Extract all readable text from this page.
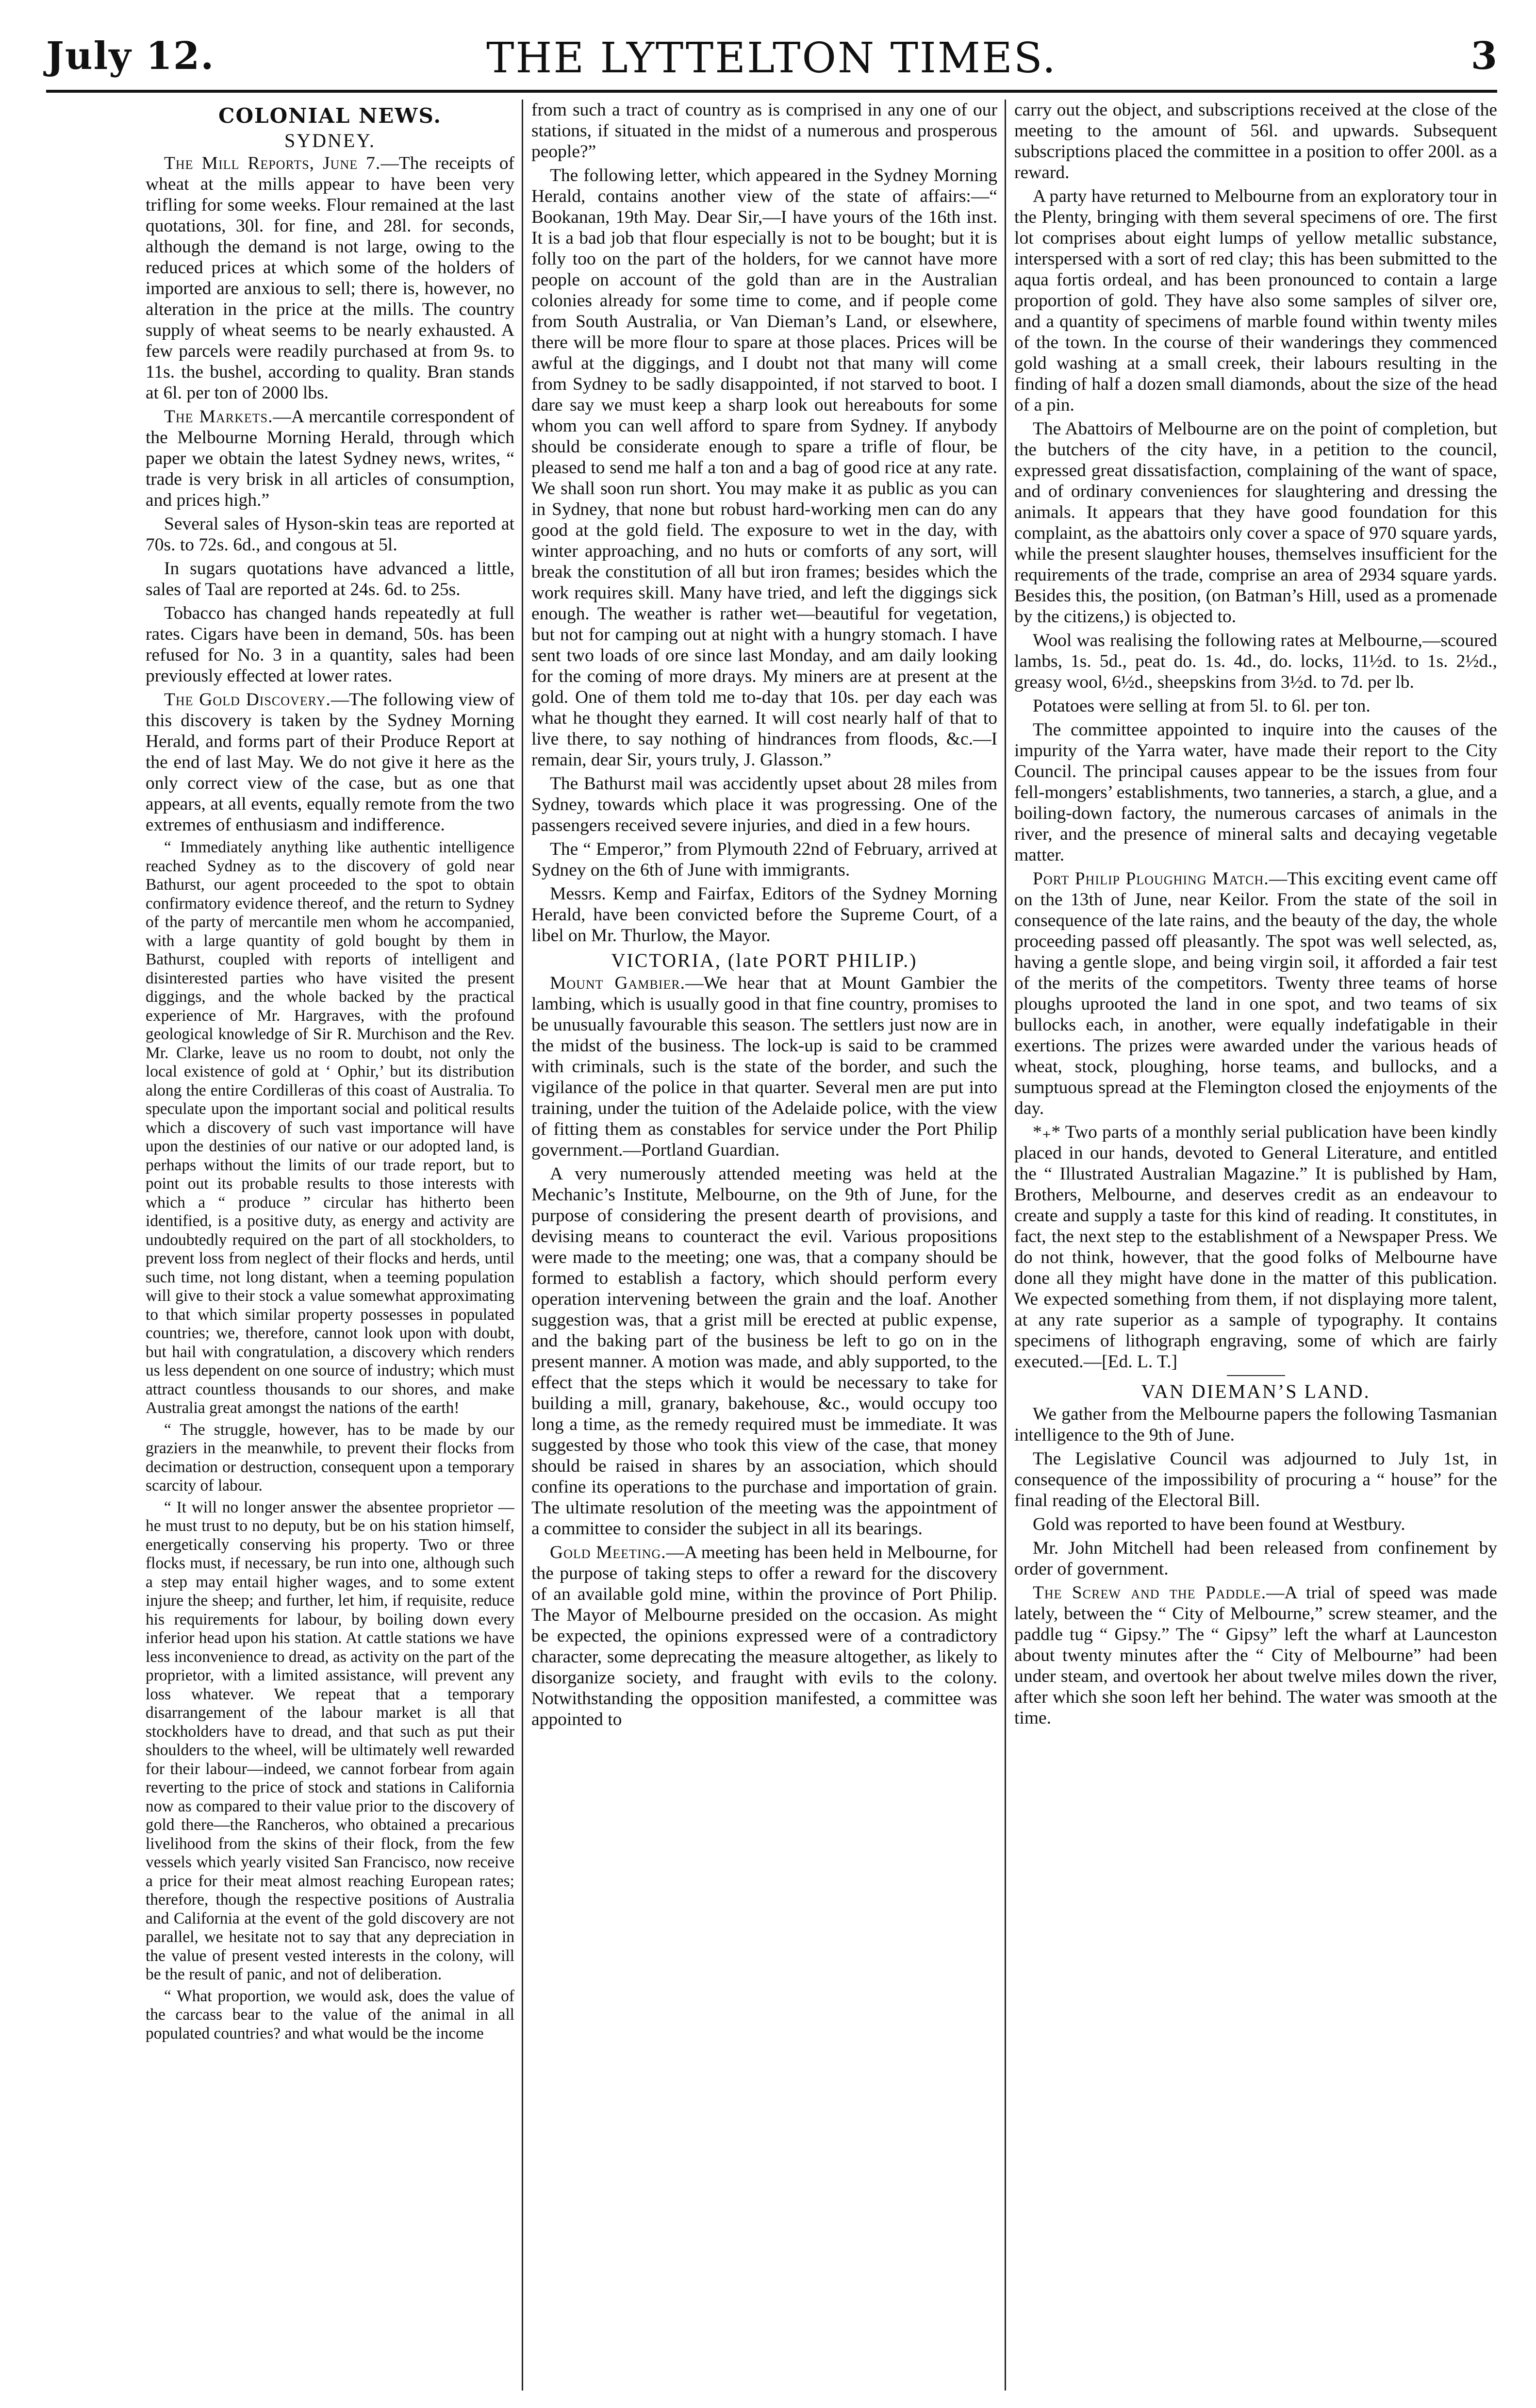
July 12.	THE LYTTELTON TIMES.	3
COLONIAL NEWS.
SYDNEY.

The Mill Reports, June 7.—The receipts of wheat at the mills appear to have been very trifling for some weeks. Flour remained at the last quotations, 30l. for fine, and 28l. for seconds, although the demand is not large, owing to the reduced prices at which some of the holders of imported are anxious to sell; there is, however, no alteration in the price at the mills. The country supply of wheat seems to be nearly exhausted. A few parcels were readily purchased at from 9s. to 11s. the bushel, according to quality. Bran stands at 6l. per ton of 2000 lbs.

The Markets.—A mercantile correspondent of the Melbourne Morning Herald, through which paper we obtain the latest Sydney news, writes, “ trade is very brisk in all articles of consumption, and prices high.”

Several sales of Hyson-skin teas are reported at 70s. to 72s. 6d., and congous at 5l.

In sugars quotations have advanced a little, sales of Taal are reported at 24s. 6d. to 25s.

Tobacco has changed hands repeatedly at full rates. Cigars have been in demand, 50s. has been refused for No. 3 in a quantity, sales had been previously effected at lower rates.

The Gold Discovery.—The following view of this discovery is taken by the Sydney Morning Herald, and forms part of their Produce Report at the end of last May. We do not give it here as the only correct view of the case, but as one that appears, at all events, equally remote from the two extremes of enthusiasm and indifference.

“ Immediately anything like authentic intelligence reached Sydney as to the discovery of gold near Bathurst, our agent proceeded to the spot to obtain confirmatory evidence thereof, and the return to Sydney of the party of mercantile men whom he accompanied, with a large quantity of gold bought by them in Bathurst, coupled with reports of intelligent and disinterested parties who have visited the present diggings, and the whole backed by the practical experience of Mr. Hargraves, with the profound geological knowledge of Sir R. Murchison and the Rev. Mr. Clarke, leave us no room to doubt, not only the local existence of gold at ‘ Ophir,’ but its distribution along the entire Cordilleras of this coast of Australia. To speculate upon the important social and political results which a discovery of such vast importance will have upon the destinies of our native or our adopted land, is perhaps without the limits of our trade report, but to point out its probable results to those interests with which a “ produce ” circular has hitherto been identified, is a positive duty, as energy and activity are undoubtedly required on the part of all stockholders, to prevent loss from neglect of their flocks and herds, until such time, not long distant, when a teeming population will give to their stock a value somewhat approximating to that which similar property possesses in populated countries; we, therefore, cannot look upon with doubt, but hail with congratulation, a discovery which renders us less dependent on one source of industry; which must attract countless thousands to our shores, and make Australia great amongst the nations of the earth!

“ The struggle, however, has to be made by our graziers in the meanwhile, to prevent their flocks from decimation or destruction, consequent upon a temporary scarcity of labour.

“ It will no longer answer the absentee proprietor —he must trust to no deputy, but be on his station himself, energetically conserving his property. Two or three flocks must, if necessary, be run into one, although such a step may entail higher wages, and to some extent injure the sheep; and further, let him, if requisite, reduce his requirements for labour, by boiling down every inferior head upon his station. At cattle stations we have less inconvenience to dread, as activity on the part of the proprietor, with a limited assistance, will prevent any loss whatever. We repeat that a temporary disarrangement of the labour market is all that stockholders have to dread, and that such as put their shoulders to the wheel, will be ultimately well rewarded for their labour—indeed, we cannot forbear from again reverting to the price of stock and stations in California now as compared to their value prior to the discovery of gold there—the Rancheros, who obtained a precarious livelihood from the skins of their flock, from the few vessels which yearly visited San Francisco, now receive a price for their meat almost reaching European rates; therefore, though the respective positions of Australia and California at the event of the gold discovery are not parallel, we hesitate not to say that any depreciation in the value of present vested interests in the colony, will be the result of panic, and not of deliberation.

“ What proportion, we would ask, does the value of the carcass bear to the value of the animal in all populated countries? and what would be the income

from such a tract of country as is comprised in any one of our stations, if situated in the midst of a numerous and prosperous people?”

The following letter, which appeared in the Sydney Morning Herald, contains another view of the state of affairs:—“ Bookanan, 19th May. Dear Sir,—I have yours of the 16th inst. It is a bad job that flour especially is not to be bought; but it is folly too on the part of the holders, for we cannot have more people on account of the gold than are in the Australian colonies already for some time to come, and if people come from South Australia, or Van Dieman’s Land, or elsewhere, there will be more flour to spare at those places. Prices will be awful at the diggings, and I doubt not that many will come from Sydney to be sadly disappointed, if not starved to boot. I dare say we must keep a sharp look out hereabouts for some whom you can well afford to spare from Sydney. If anybody should be considerate enough to spare a trifle of flour, be pleased to send me half a ton and a bag of good rice at any rate. We shall soon run short. You may make it as public as you can in Sydney, that none but robust hard-working men can do any good at the gold field. The exposure to wet in the day, with winter approaching, and no huts or comforts of any sort, will break the constitution of all but iron frames; besides which the work requires skill. Many have tried, and left the diggings sick enough. The weather is rather wet—beautiful for vegetation, but not for camping out at night with a hungry stomach. I have sent two loads of ore since last Monday, and am daily looking for the coming of more drays. My miners are at present at the gold. One of them told me to-day that 10s. per day each was what he thought they earned. It will cost nearly half of that to live there, to say nothing of hindrances from floods, &c.—I remain, dear Sir, yours truly, J. Glasson.”

The Bathurst mail was accidently upset about 28 miles from Sydney, towards which place it was progressing. One of the passengers received severe injuries, and died in a few hours.

The “ Emperor,” from Plymouth 22nd of February, arrived at Sydney on the 6th of June with immigrants.

Messrs. Kemp and Fairfax, Editors of the Sydney Morning Herald, have been convicted before the Supreme Court, of a libel on Mr. Thurlow, the Mayor.

VICTORIA, (late PORT PHILIP.)

Mount Gambier.—We hear that at Mount Gambier the lambing, which is usually good in that fine country, promises to be unusually favourable this season. The settlers just now are in the midst of the business. The lock-up is said to be crammed with criminals, such is the state of the border, and such the vigilance of the police in that quarter. Several men are put into training, under the tuition of the Adelaide police, with the view of fitting them as constables for service under the Port Philip government.—Portland Guardian.

A very numerously attended meeting was held at the Mechanic’s Institute, Melbourne, on the 9th of June, for the purpose of considering the present dearth of provisions, and devising means to counteract the evil. Various propositions were made to the meeting; one was, that a company should be formed to establish a factory, which should perform every operation intervening between the grain and the loaf. Another suggestion was, that a grist mill be erected at public expense, and the baking part of the business be left to go on in the present manner. A motion was made, and ably supported, to the effect that the steps which it would be necessary to take for building a mill, granary, bakehouse, &c., would occupy too long a time, as the remedy required must be immediate. It was suggested by those who took this view of the case, that money should be raised in shares by an association, which should confine its operations to the purchase and importation of grain. The ultimate resolution of the meeting was the appointment of a committee to consider the subject in all its bearings.

Gold Meeting.—A meeting has been held in Melbourne, for the purpose of taking steps to offer a reward for the discovery of an available gold mine, within the province of Port Philip. The Mayor of Melbourne presided on the occasion. As might be expected, the opinions expressed were of a contradictory character, some deprecating the measure altogether, as likely to disorganize society, and fraught with evils to the colony. Notwithstanding the opposition manifested, a committee was appointed to

carry out the object, and subscriptions received at the close of the meeting to the amount of 56l. and upwards. Subsequent subscriptions placed the committee in a position to offer 200l. as a reward.

A party have returned to Melbourne from an exploratory tour in the Plenty, bringing with them several specimens of ore. The first lot comprises about eight lumps of yellow metallic substance, interspersed with a sort of red clay; this has been submitted to the aqua fortis ordeal, and has been pronounced to contain a large proportion of gold. They have also some samples of silver ore, and a quantity of specimens of marble found within twenty miles of the town. In the course of their wanderings they commenced gold washing at a small creek, their labours resulting in the finding of half a dozen small diamonds, about the size of the head of a pin.

The Abattoirs of Melbourne are on the point of completion, but the butchers of the city have, in a petition to the council, expressed great dissatisfaction, complaining of the want of space, and of ordinary conveniences for slaughtering and dressing the animals. It appears that they have good foundation for this complaint, as the abattoirs only cover a space of 970 square yards, while the present slaughter houses, themselves insufficient for the requirements of the trade, comprise an area of 2934 square yards. Besides this, the position, (on Batman’s Hill, used as a promenade by the citizens,) is objected to.

Wool was realising the following rates at Melbourne,—scoured lambs, 1s. 5d., peat do. 1s. 4d., do. locks, 11½d. to 1s. 2½d., greasy wool, 6½d., sheepskins from 3½d. to 7d. per lb.

Potatoes were selling at from 5l. to 6l. per ton.

The committee appointed to inquire into the causes of the impurity of the Yarra water, have made their report to the City Council. The principal causes appear to be the issues from four fell-mongers’ establishments, two tanneries, a starch, a glue, and a boiling-down factory, the numerous carcases of animals in the river, and the presence of mineral salts and decaying vegetable matter.

Port Philip Ploughing Match.—This exciting event came off on the 13th of June, near Keilor. From the state of the soil in consequence of the late rains, and the beauty of the day, the whole proceeding passed off pleasantly. The spot was well selected, as, having a gentle slope, and being virgin soil, it afforded a fair test of the merits of the competitors. Twenty three teams of horse ploughs uprooted the land in one spot, and two teams of six bullocks each, in another, were equally indefatigable in their exertions. The prizes were awarded under the various heads of wheat, stock, ploughing, horse teams, and bullocks, and a sumptuous spread at the Flemington closed the enjoyments of the day.

*₊* Two parts of a monthly serial publication have been kindly placed in our hands, devoted to General Literature, and entitled the “ Illustrated Australian Magazine.” It is published by Ham, Brothers, Melbourne, and deserves credit as an endeavour to create and supply a taste for this kind of reading. It constitutes, in fact, the next step to the establishment of a Newspaper Press. We do not think, however, that the good folks of Melbourne have done all they might have done in the matter of this publication. We expected something from them, if not displaying more talent, at any rate superior as a sample of typography. It contains specimens of lithograph engraving, some of which are fairly executed.—[Ed. L. T.]

VAN DIEMAN’S LAND.

We gather from the Melbourne papers the following Tasmanian intelligence to the 9th of June.

The Legislative Council was adjourned to July 1st, in consequence of the impossibility of procuring a “ house” for the final reading of the Electoral Bill.

Gold was reported to have been found at Westbury.

Mr. John Mitchell had been released from confinement by order of government.

The Screw and the Paddle.—A trial of speed was made lately, between the “ City of Melbourne,” screw steamer, and the paddle tug “ Gipsy.” The “ Gipsy” left the wharf at Launceston about twenty minutes after the “ City of Melbourne” had been under steam, and overtook her about twelve miles down the river, after which she soon left her behind. The water was smooth at the time.
